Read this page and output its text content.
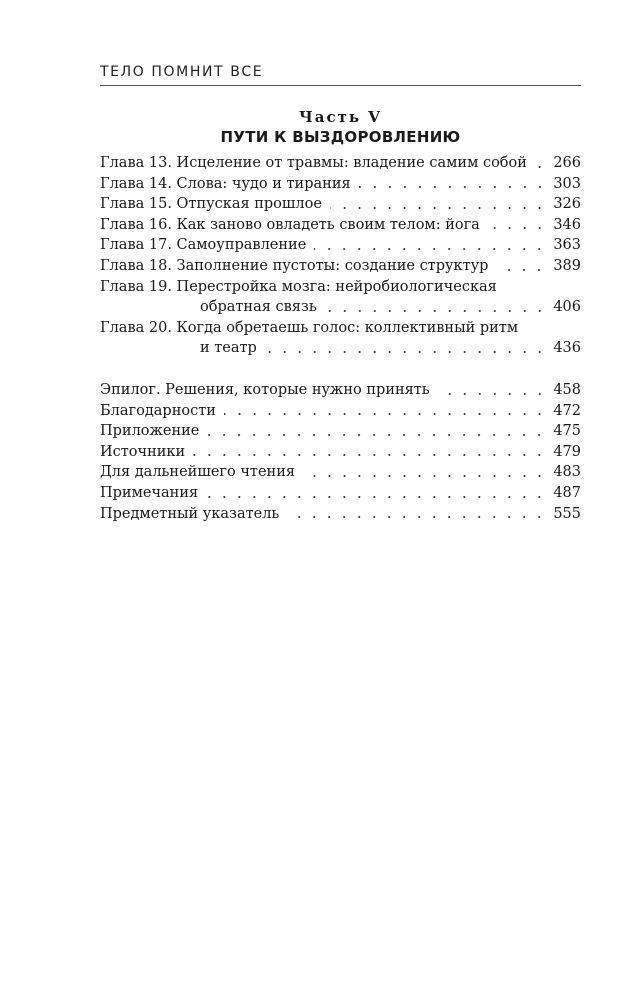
ТЕЛО ПОМНИТ ВСЕ
Часть V
ПУТИ К ВЫЗДОРОВЛЕНИЮ
Глава 13. Исцеление от травмы: владение самим собой 266
Глава 14. Слова: чудо и тирания	303
Глава 15. Отпуская прошлое	326
Глава 16. Как заново овладеть своим телом: йога	346
Глава 17. Самоуправление	363
Глава 18. Заполнение пустоты: создание структур	389
Глава 19. Перестройка мозга: нейробиологическая
обратная связь	406
Глава 20. Когда обретаешь голос: коллективный ритм
и театр	436
Эпилог. Решения, которые нужно принять	458
Благодарности	472
Приложение	475
Источники	479
Для дальнейшего чтения	483
Примечания	487
Предметный указатель	555
